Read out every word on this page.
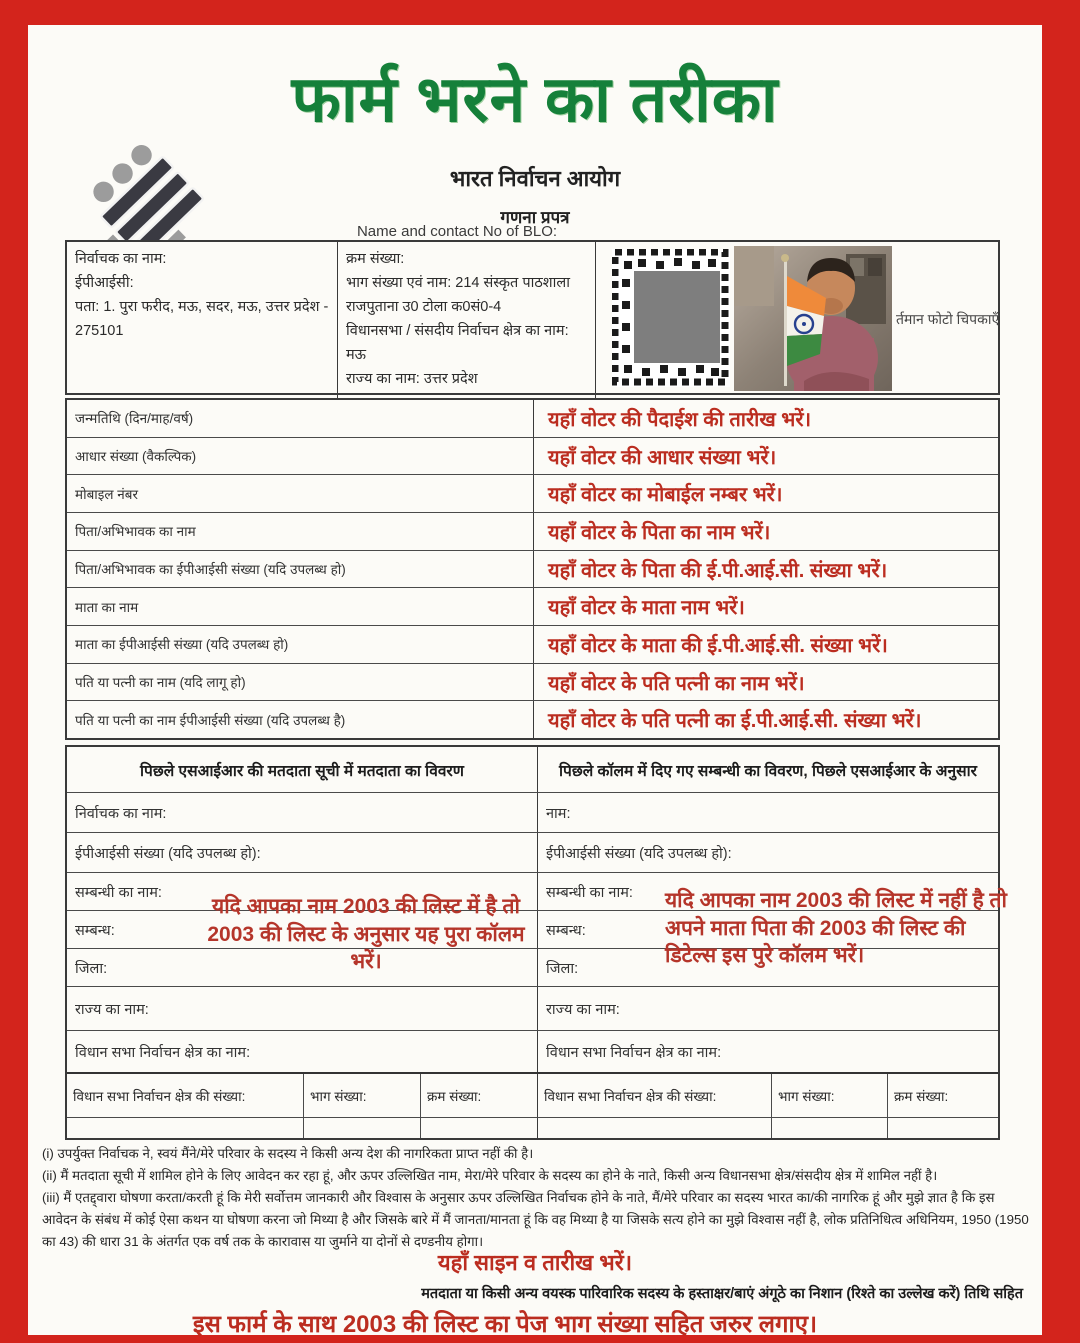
फार्म भरने का तरीका
भारत निर्वाचन आयोग
गणना प्रपत्र
Name and contact No of BLO:
निर्वाचक का नाम:
ईपीआईसी:
पता: 1. पुरा फरीद, मऊ, सदर, मऊ, उत्तर प्रदेश - 275101
क्रम संख्या:
भाग संख्या एवं नाम: 214 संस्कृत पाठशाला राजपुताना उ0 टोला क0सं0-4
विधानसभा / संसदीय निर्वाचन क्षेत्र का नाम: मऊ
राज्य का नाम: उत्तर प्रदेश
र्तमान फोटो चिपकाएँ
जन्मतिथि (दिन/माह/वर्ष)	यहाँ वोटर की पैदाईश की तारीख भरें।
आधार संख्या (वैकल्पिक)	यहाँ वोटर की आधार संख्या भरें।
मोबाइल नंबर	यहाँ वोटर का मोबाईल नम्बर भरें।
पिता/अभिभावक का नाम	यहाँ वोटर के पिता का नाम भरें।
पिता/अभिभावक का ईपीआईसी संख्या (यदि उपलब्ध हो)	यहाँ वोटर के पिता की ई.पी.आई.सी. संख्या भरें।
माता का नाम	यहाँ वोटर के माता नाम भरें।
माता का ईपीआईसी संख्या (यदि उपलब्ध हो)	यहाँ वोटर के माता की ई.पी.आई.सी. संख्या भरें।
पति या पत्नी का नाम (यदि लागू हो)	यहाँ वोटर के पति पत्नी का नाम भरें।
पति या पत्नी का नाम ईपीआईसी संख्या (यदि उपलब्ध है)	यहाँ वोटर के पति पत्नी का ई.पी.आई.सी. संख्या भरें।
पिछले एसआईआर की मतदाता सूची में मतदाता का विवरण	पिछले कॉलम में दिए गए सम्बन्धी का विवरण, पिछले एसआईआर के अनुसार
निर्वाचक का नाम:	नाम:
ईपीआईसी संख्या (यदि उपलब्ध हो):	ईपीआईसी संख्या (यदि उपलब्ध हो):
सम्बन्धी का नाम:	सम्बन्धी का नाम:
सम्बन्ध:	सम्बन्ध:
जिला:	जिला:
राज्य का नाम:	राज्य का नाम:
विधान सभा निर्वाचन क्षेत्र का नाम:	विधान सभा निर्वाचन क्षेत्र का नाम:
विधान सभा निर्वाचन क्षेत्र की संख्या:	भाग संख्या:	क्रम संख्या:	विधान सभा निर्वाचन क्षेत्र की संख्या:	भाग संख्या:	क्रम संख्या:
यदि आपका नाम 2003 की लिस्ट में है तो 2003 की लिस्ट के अनुसार यह पुरा कॉलम भरें।
यदि आपका नाम 2003 की लिस्ट में नहीं है तो अपने माता पिता की 2003 की लिस्ट की डिटेल्स इस पुरे कॉलम भरें।

(i) उपर्युक्त निर्वाचक ने, स्वयं मैंने/मेरे परिवार के सदस्य ने किसी अन्य देश की नागरिकता प्राप्त नहीं की है।

(ii) मैं मतदाता सूची में शामिल होने के लिए आवेदन कर रहा हूं, और ऊपर उल्लिखित नाम, मेरा/मेरे परिवार के सदस्य का होने के नाते, किसी अन्य विधानसभा क्षेत्र/संसदीय क्षेत्र में शामिल नहीं है।

(iii) मैं एतद्द्वारा घोषणा करता/करती हूं कि मेरी सर्वोत्तम जानकारी और विश्वास के अनुसार ऊपर उल्लिखित निर्वाचक होने के नाते, मैं/मेरे परिवार का सदस्य भारत का/की नागरिक हूं और मुझे ज्ञात है कि इस आवेदन के संबंध में कोई ऐसा कथन या घोषणा करना जो मिथ्या है और जिसके बारे में मैं जानता/मानता हूं कि वह मिथ्या है या जिसके सत्य होने का मुझे विश्वास नहीं है, लोक प्रतिनिधित्व अधिनियम, 1950 (1950 का 43) की धारा 31 के अंतर्गत एक वर्ष तक के कारावास या जुर्माने या दोनों से दण्डनीय होगा।

यहाँ साइन व तारीख भरें।
मतदाता या किसी अन्य वयस्क पारिवारिक सदस्य के हस्ताक्षर/बाएं अंगूठे का निशान (रिश्ते का उल्लेख करें) तिथि सहित
इस फार्म के साथ 2003 की लिस्ट का पेज भाग संख्या सहित जरुर लगाए।
